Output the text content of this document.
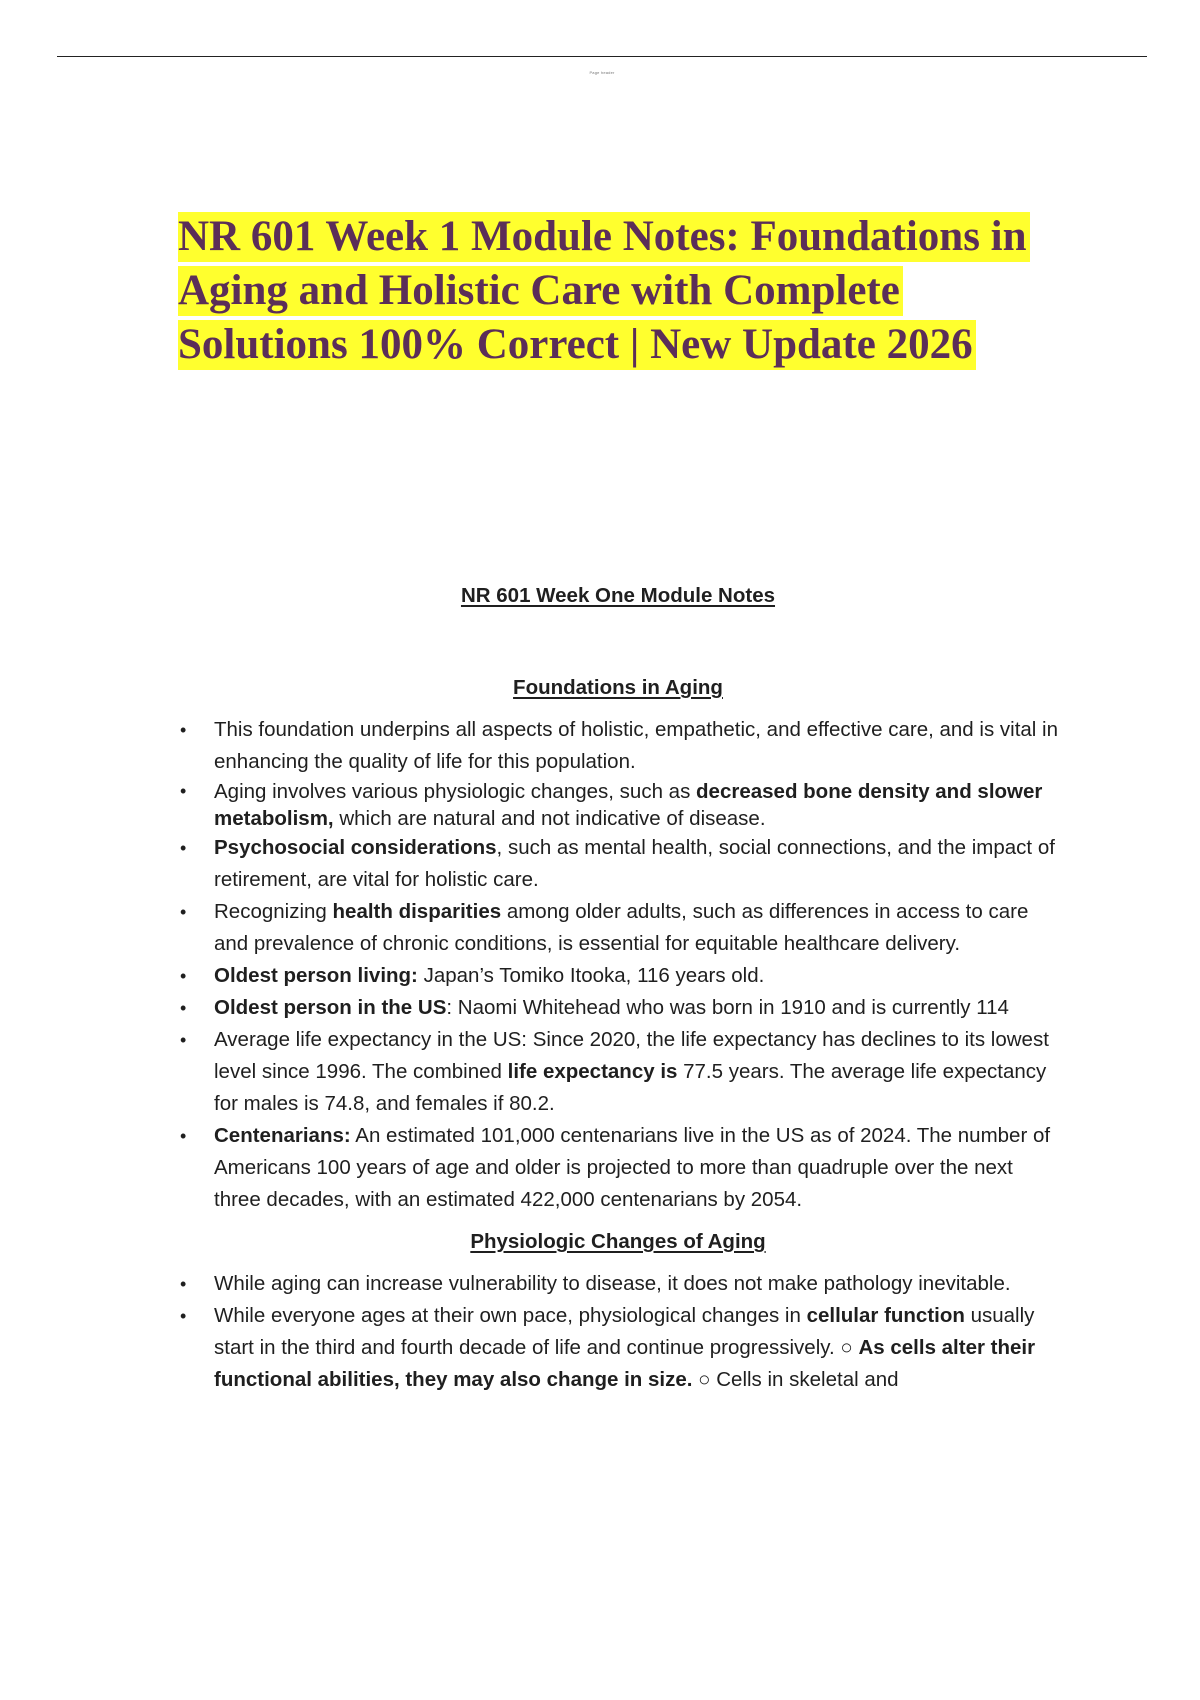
Page header
NR 601 Week 1 Module Notes: Foundations in
Aging and Holistic Care with Complete
Solutions 100% Correct | New Update 2026

NR 601 Week One Module Notes

Foundations in Aging

• This foundation underpins all aspects of holistic, empathetic, and effective care, and is vital in enhancing the quality of life for this population.
• Aging involves various physiologic changes, such as decreased bone density and slower metabolism, which are natural and not indicative of disease.
• Psychosocial considerations, such as mental health, social connections, and the impact of retirement, are vital for holistic care.
• Recognizing health disparities among older adults, such as differences in access to care and prevalence of chronic conditions, is essential for equitable healthcare delivery.
• Oldest person living: Japan’s Tomiko Itooka, 116 years old.
• Oldest person in the US: Naomi Whitehead who was born in 1910 and is currently 114
• Average life expectancy in the US: Since 2020, the life expectancy has declines to its lowest level since 1996. The combined life expectancy is 77.5 years. The average life expectancy for males is 74.8, and females if 80.2.
• Centenarians: An estimated 101,000 centenarians live in the US as of 2024. The number of Americans 100 years of age and older is projected to more than quadruple over the next three decades, with an estimated 422,000 centenarians by 2054.

Physiologic Changes of Aging

• While aging can increase vulnerability to disease, it does not make pathology inevitable.
• While everyone ages at their own pace, physiological changes in cellular function usually start in the third and fourth decade of life and continue progressively. ○ As cells alter their functional abilities, they may also change in size. ○ Cells in skeletal and
